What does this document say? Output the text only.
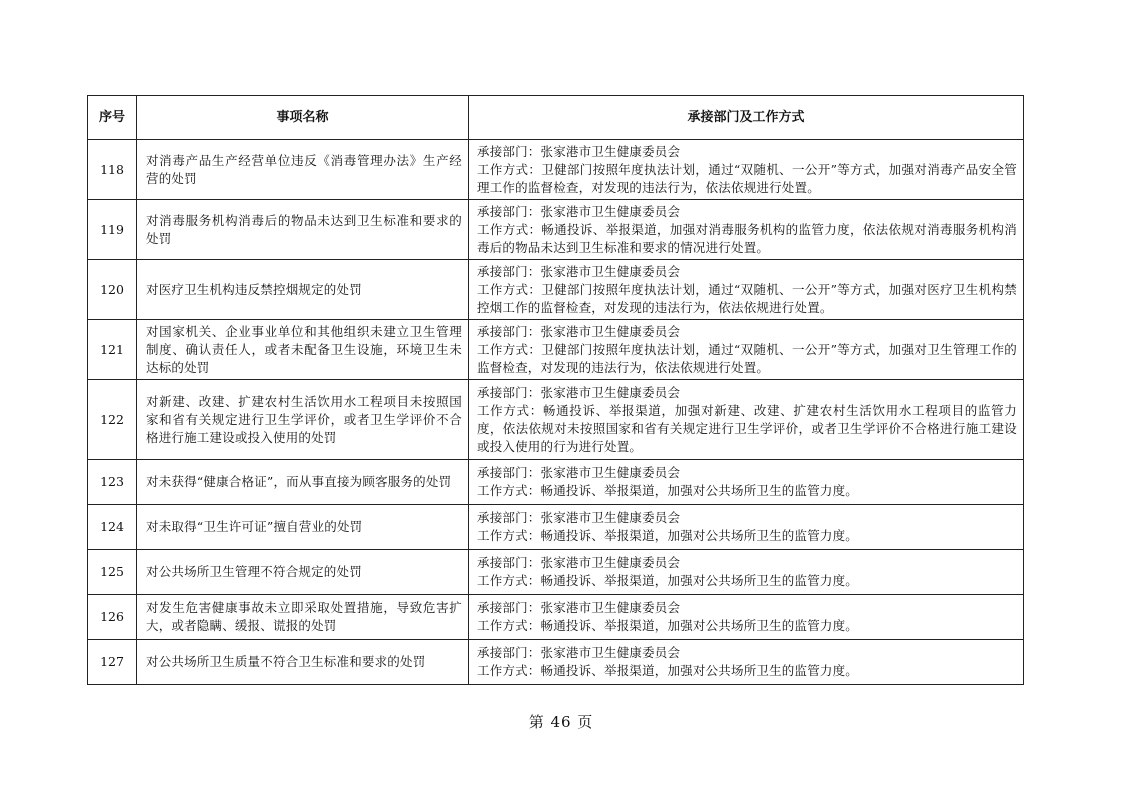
序号	事项名称	承接部门及工作方式
118	对消毒产品生产经营单位违反《消毒管理办法》生产经营的处罚	承接部门：张家港市卫生健康委员会
工作方式：卫健部门按照年度执法计划，通过“双随机、一公开”等方式，加强对消毒产品安全管理工作的监督检查，对发现的违法行为，依法依规进行处置。

119	对消毒服务机构消毒后的物品未达到卫生标准和要求的处罚	承接部门：张家港市卫生健康委员会
工作方式：畅通投诉、举报渠道，加强对消毒服务机构的监管力度，依法依规对消毒服务机构消毒后的物品未达到卫生标准和要求的情况进行处置。

120	对医疗卫生机构违反禁控烟规定的处罚	承接部门：张家港市卫生健康委员会
工作方式：卫健部门按照年度执法计划，通过“双随机、一公开”等方式，加强对医疗卫生机构禁控烟工作的监督检查，对发现的违法行为，依法依规进行处置。

121	对国家机关、企业事业单位和其他组织未建立卫生管理制度、确认责任人，或者未配备卫生设施，环境卫生未达标的处罚	承接部门：张家港市卫生健康委员会
工作方式：卫健部门按照年度执法计划，通过“双随机、一公开”等方式，加强对卫生管理工作的监督检查，对发现的违法行为，依法依规进行处置。

122	对新建、改建、扩建农村生活饮用水工程项目未按照国家和省有关规定进行卫生学评价，或者卫生学评价不合格进行施工建设或投入使用的处罚	承接部门：张家港市卫生健康委员会
工作方式：畅通投诉、举报渠道，加强对新建、改建、扩建农村生活饮用水工程项目的监管力度，依法依规对未按照国家和省有关规定进行卫生学评价，或者卫生学评价不合格进行施工建设或投入使用的行为进行处置。

123	对未获得“健康合格证”，而从事直接为顾客服务的处罚	承接部门：张家港市卫生健康委员会
工作方式：畅通投诉、举报渠道，加强对公共场所卫生的监管力度。

124	对未取得“卫生许可证”擅自营业的处罚	承接部门：张家港市卫生健康委员会
工作方式：畅通投诉、举报渠道，加强对公共场所卫生的监管力度。

125	对公共场所卫生管理不符合规定的处罚	承接部门：张家港市卫生健康委员会
工作方式：畅通投诉、举报渠道，加强对公共场所卫生的监管力度。

126	对发生危害健康事故未立即采取处置措施，导致危害扩大，或者隐瞒、缓报、谎报的处罚	承接部门：张家港市卫生健康委员会
工作方式：畅通投诉、举报渠道，加强对公共场所卫生的监管力度。

127	对公共场所卫生质量不符合卫生标准和要求的处罚	承接部门：张家港市卫生健康委员会
工作方式：畅通投诉、举报渠道，加强对公共场所卫生的监管力度。
第 46 页
